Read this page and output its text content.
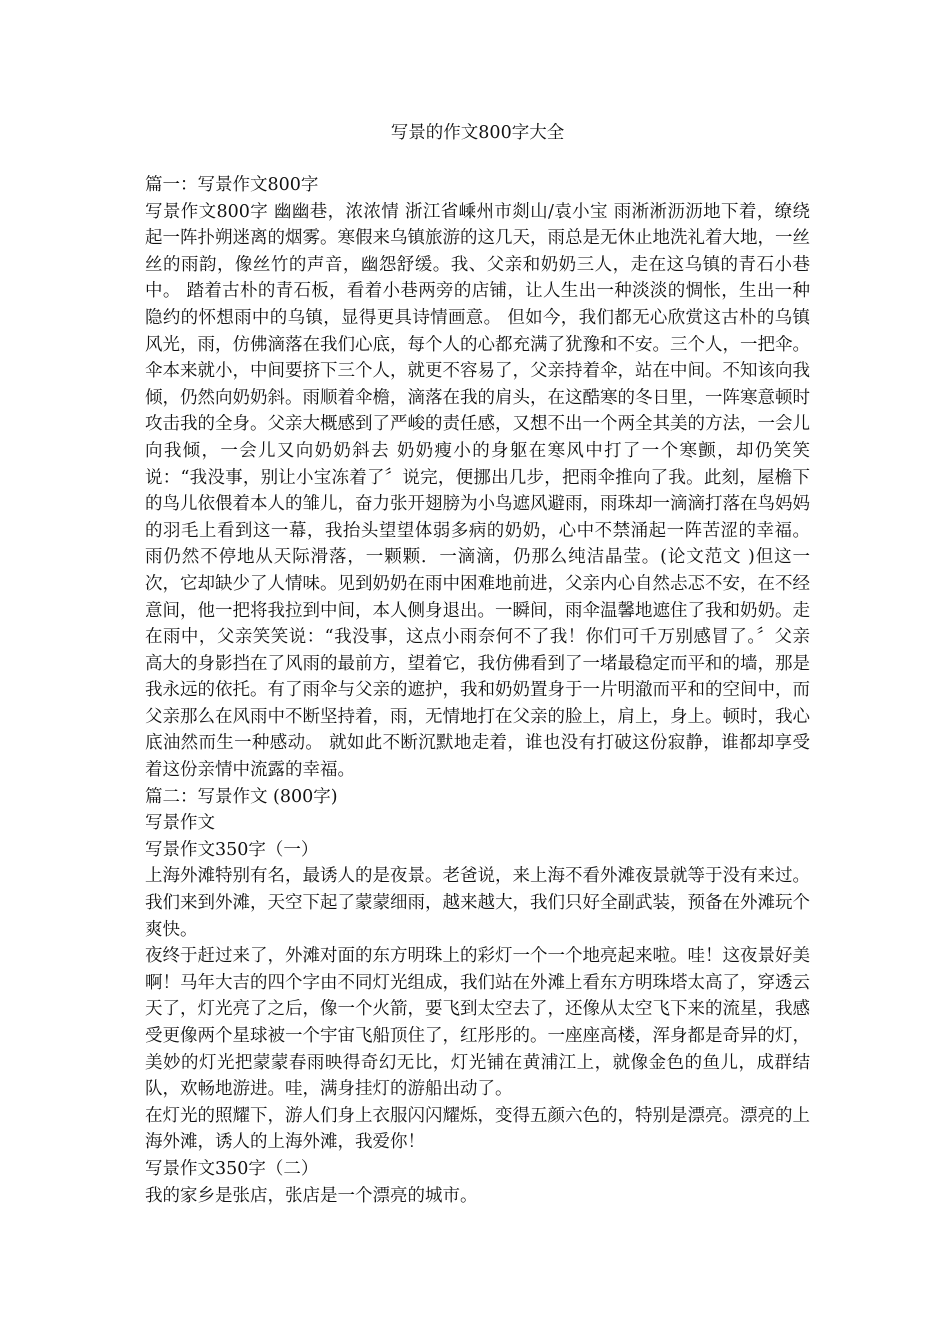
写景的作文800字大全

篇一：写景作文800字

写景作文800字 幽幽巷，浓浓情 浙江省嵊州市剡山/袁小宝 雨淅淅沥沥地下着，缭绕起一阵扑朔迷离的烟雾。寒假来乌镇旅游的这几天，雨总是无休止地洗礼着大地，一丝丝的雨韵，像丝竹的声音，幽怨舒缓。我、父亲和奶奶三人，走在这乌镇的青石小巷中。 踏着古朴的青石板，看着小巷两旁的店铺，让人生出一种淡淡的惆怅，生出一种隐约的怀想雨中的乌镇，显得更具诗情画意。 但如今，我们都无心欣赏这古朴的乌镇风光，雨，仿佛滴落在我们心底，每个人的心都充满了犹豫和不安。三个人，一把伞。伞本来就小，中间要挤下三个人，就更不容易了，父亲持着伞，站在中间。不知该向我倾，仍然向奶奶斜。雨顺着伞檐，滴落在我的肩头，在这酷寒的冬日里，一阵寒意顿时攻击我的全身。父亲大概感到了严峻的责任感，又想不出一个两全其美的方法，一会儿向我倾，一会儿又向奶奶斜去 奶奶瘦小的身躯在寒风中打了一个寒颤，却仍笑笑说：“我没事，别让小宝冻着了〞说完，便挪出几步，把雨伞推向了我。此刻，屋檐下的鸟儿依偎着本人的雏儿，奋力张开翅膀为小鸟遮风避雨，雨珠却一滴滴打落在鸟妈妈的羽毛上看到这一幕，我抬头望望体弱多病的奶奶，心中不禁涌起一阵苦涩的幸福。 雨仍然不停地从天际滑落，一颗颗．一滴滴，仍那么纯洁晶莹。(论文范文 )但这一次，它却缺少了人情味。见到奶奶在雨中困难地前进，父亲内心自然忐忑不安，在不经意间，他一把将我拉到中间，本人侧身退出。一瞬间，雨伞温馨地遮住了我和奶奶。走在雨中，父亲笑笑说：“我没事，这点小雨奈何不了我！你们可千万别感冒了。〞父亲高大的身影挡在了风雨的最前方，望着它，我仿佛看到了一堵最稳定而平和的墙，那是我永远的依托。有了雨伞与父亲的遮护，我和奶奶置身于一片明澈而平和的空间中，而父亲那么在风雨中不断坚持着，雨，无情地打在父亲的脸上，肩上，身上。顿时，我心底油然而生一种感动。 就如此不断沉默地走着，谁也没有打破这份寂静，谁都却享受着这份亲情中流露的幸福。

篇二：写景作文 (800字)

写景作文

写景作文350字（一）

上海外滩特别有名，最诱人的是夜景。老爸说，来上海不看外滩夜景就等于没有来过。我们来到外滩，天空下起了蒙蒙细雨，越来越大，我们只好全副武装，预备在外滩玩个爽快。

夜终于赶过来了，外滩对面的东方明珠上的彩灯一个一个地亮起来啦。哇！这夜景好美啊！马年大吉的四个字由不同灯光组成，我们站在外滩上看东方明珠塔太高了，穿透云天了，灯光亮了之后，像一个火箭，要飞到太空去了，还像从太空飞下来的流星，我感受更像两个星球被一个宇宙飞船顶住了，红彤彤的。一座座高楼，浑身都是奇异的灯，美妙的灯光把蒙蒙春雨映得奇幻无比，灯光铺在黄浦江上，就像金色的鱼儿，成群结队，欢畅地游进。哇，满身挂灯的游船出动了。

在灯光的照耀下，游人们身上衣服闪闪耀烁，变得五颜六色的，特别是漂亮。漂亮的上海外滩，诱人的上海外滩，我爱你！

写景作文350字（二）

我的家乡是张店，张店是一个漂亮的城市。
